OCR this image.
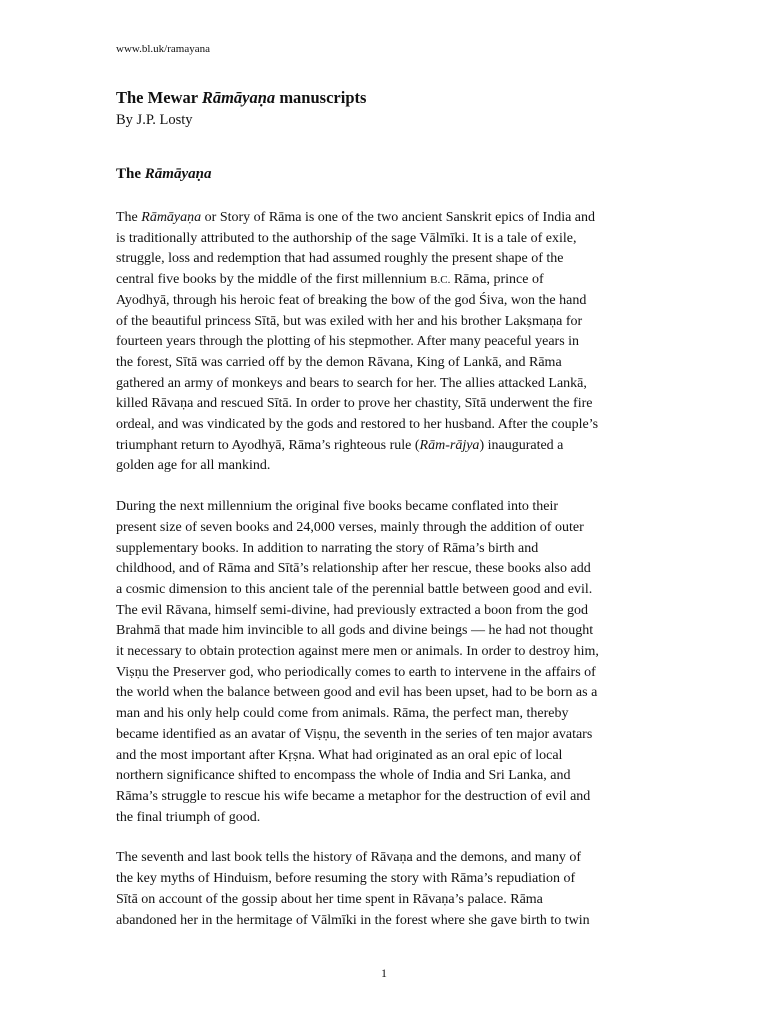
www.bl.uk/ramayana
The Mewar Rāmāyaṇa manuscripts
By J.P. Losty
The Rāmāyaṇa
The Rāmāyaṇa or Story of Rāma is one of the two ancient Sanskrit epics of India and
is traditionally attributed to the authorship of the sage Vālmīki. It is a tale of exile,
struggle, loss and redemption that had assumed roughly the present shape of the
central five books by the middle of the first millennium B.C. Rāma, prince of
Ayodhyā, through his heroic feat of breaking the bow of the god Śiva, won the hand
of the beautiful princess Sītā, but was exiled with her and his brother Lakṣmaṇa for
fourteen years through the plotting of his stepmother. After many peaceful years in
the forest, Sītā was carried off by the demon Rāvana, King of Lankā, and Rāma
gathered an army of monkeys and bears to search for her. The allies attacked Lankā,
killed Rāvaṇa and rescued Sītā. In order to prove her chastity, Sītā underwent the fire
ordeal, and was vindicated by the gods and restored to her husband. After the couple’s
triumphant return to Ayodhyā, Rāma’s righteous rule (Rām-rājya) inaugurated a
golden age for all mankind.
During the next millennium the original five books became conflated into their
present size of seven books and 24,000 verses, mainly through the addition of outer
supplementary books. In addition to narrating the story of Rāma’s birth and
childhood, and of Rāma and Sītā’s relationship after her rescue, these books also add
a cosmic dimension to this ancient tale of the perennial battle between good and evil.
The evil Rāvana, himself semi-divine, had previously extracted a boon from the god
Brahmā that made him invincible to all gods and divine beings — he had not thought
it necessary to obtain protection against mere men or animals. In order to destroy him,
Viṣṇu the Preserver god, who periodically comes to earth to intervene in the affairs of
the world when the balance between good and evil has been upset, had to be born as a
man and his only help could come from animals. Rāma, the perfect man, thereby
became identified as an avatar of Viṣṇu, the seventh in the series of ten major avatars
and the most important after Kṛṣna. What had originated as an oral epic of local
northern significance shifted to encompass the whole of India and Sri Lanka, and
Rāma’s struggle to rescue his wife became a metaphor for the destruction of evil and
the final triumph of good.
The seventh and last book tells the history of Rāvaṇa and the demons, and many of
the key myths of Hinduism, before resuming the story with Rāma’s repudiation of
Sītā on account of the gossip about her time spent in Rāvaṇa’s palace. Rāma
abandoned her in the hermitage of Vālmīki in the forest where she gave birth to twin
1
